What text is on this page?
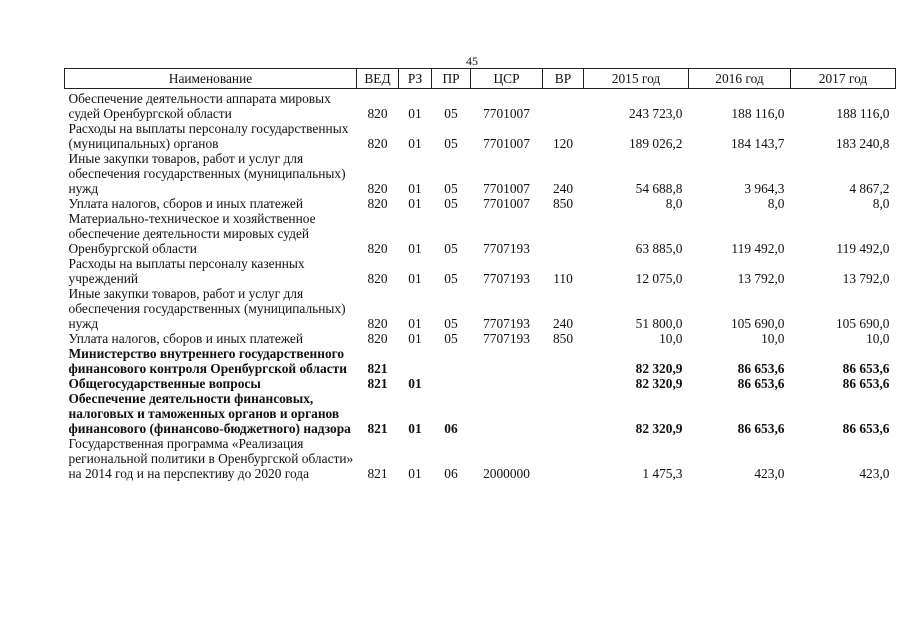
45
Наименование	ВЕД	РЗ	ПР	ЦСР	ВР	2015 год	2016 год	2017 год
Обеспечение деятельности аппарата мировых судей Оренбургской области	820	01	05	7701007		243 723,0	188 116,0	188 116,0
Расходы на выплаты персоналу государственных (муниципальных) органов	820	01	05	7701007	120	189 026,2	184 143,7	183 240,8
Иные закупки товаров, работ и услуг для обеспечения государственных (муниципальных) нужд	820	01	05	7701007	240	54 688,8	3 964,3	4 867,2
Уплата налогов, сборов и иных платежей	820	01	05	7701007	850	8,0	8,0	8,0
Материально-техническое и хозяйственное обеспечение деятельности мировых судей Оренбургской области	820	01	05	7707193		63 885,0	119 492,0	119 492,0
Расходы на выплаты персоналу казенных учреждений	820	01	05	7707193	110	12 075,0	13 792,0	13 792,0
Иные закупки товаров, работ и услуг для обеспечения государственных (муниципальных) нужд	820	01	05	7707193	240	51 800,0	105 690,0	105 690,0
Уплата налогов, сборов и иных платежей	820	01	05	7707193	850	10,0	10,0	10,0
Министерство внутреннего государственного финансового контроля Оренбургской области	821					82 320,9	86 653,6	86 653,6
Общегосударственные вопросы	821	01				82 320,9	86 653,6	86 653,6
Обеспечение деятельности финансовых, налоговых и таможенных органов и органов финансового (финансово-бюджетного) надзора	821	01	06			82 320,9	86 653,6	86 653,6
Государственная программа «Реализация региональной политики в Оренбургской области» на 2014 год и на перспективу до 2020 года	821	01	06	2000000		1 475,3	423,0	423,0
